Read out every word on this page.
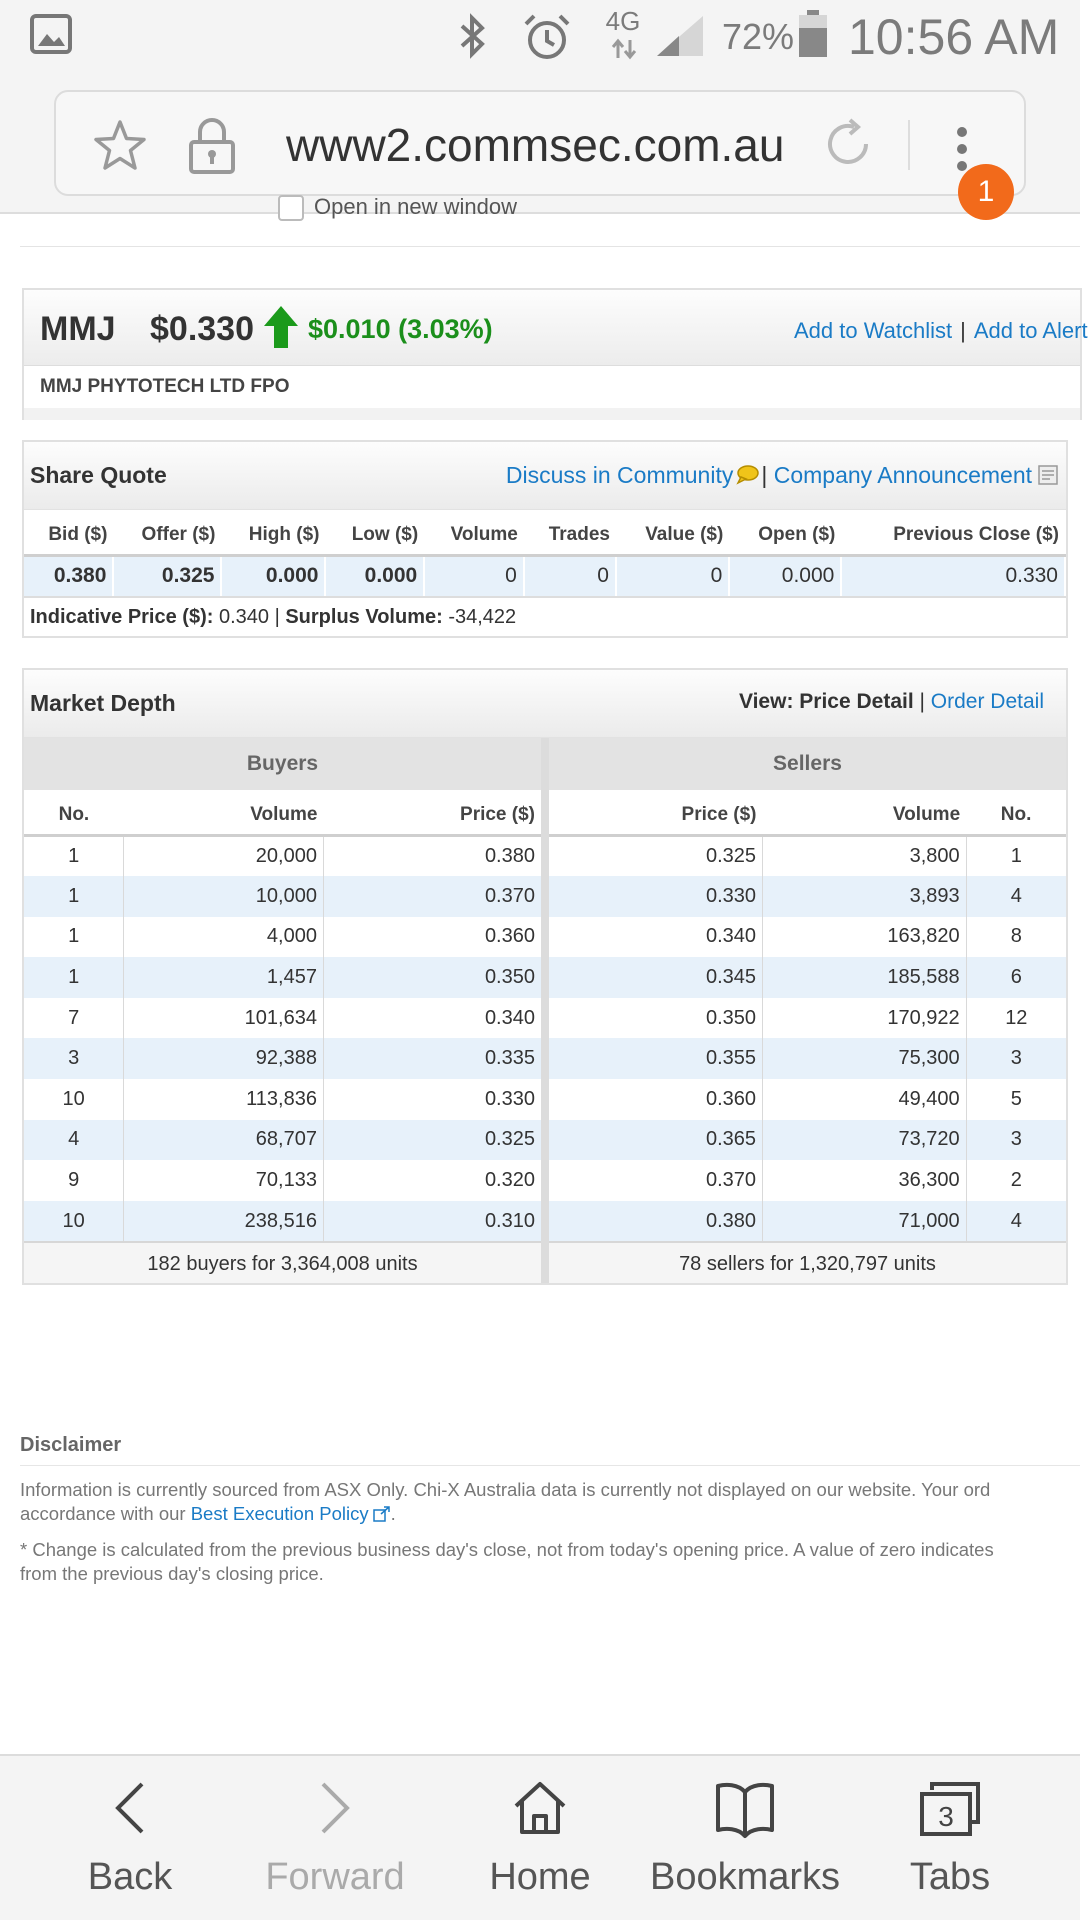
4G 72% 10:56 AM
www2.commsec.com.au
1
Open in new window
MMJ $0.330 $0.010 (3.03%)	Add to Watchlist | Add to Alert
MMJ PHYTOTECH LTD FPO
Share Quote	Discuss in Community | Company Announcement
Bid ($)	Offer ($)	High ($)	Low ($)	Volume	Trades	Value ($)	Open ($)	Previous Close ($)
0.380	0.325	0.000	0.000	0	0	0	0.000	0.330
Indicative Price ($): 0.340 | Surplus Volume: -34,422
Market Depth	View: Price Detail | Order Detail
Buyers
No.	Volume	Price ($)
1	20,000	0.380
1	10,000	0.370
1	4,000	0.360
1	1,457	0.350
7	101,634	0.340
3	92,388	0.335
10	113,836	0.330
4	68,707	0.325
9	70,133	0.320
10	238,516	0.310
182 buyers for 3,364,008 units
Sellers
Price ($)	Volume	No.
0.325	3,800	1
0.330	3,893	4
0.340	163,820	8
0.345	185,588	6
0.350	170,922	12
0.355	75,300	3
0.360	49,400	5
0.365	73,720	3
0.370	36,300	2
0.380	71,000	4
78 sellers for 1,320,797 units
Disclaimer

Information is currently sourced from ASX Only. Chi-X Australia data is currently not displayed on our website. Your ord
accordance with our Best Execution Policy .

* Change is calculated from the previous business day's close, not from today's opening price. A value of zero indicates
from the previous day's closing price.

Back	Forward	Home	Bookmarks
3
Tabs
